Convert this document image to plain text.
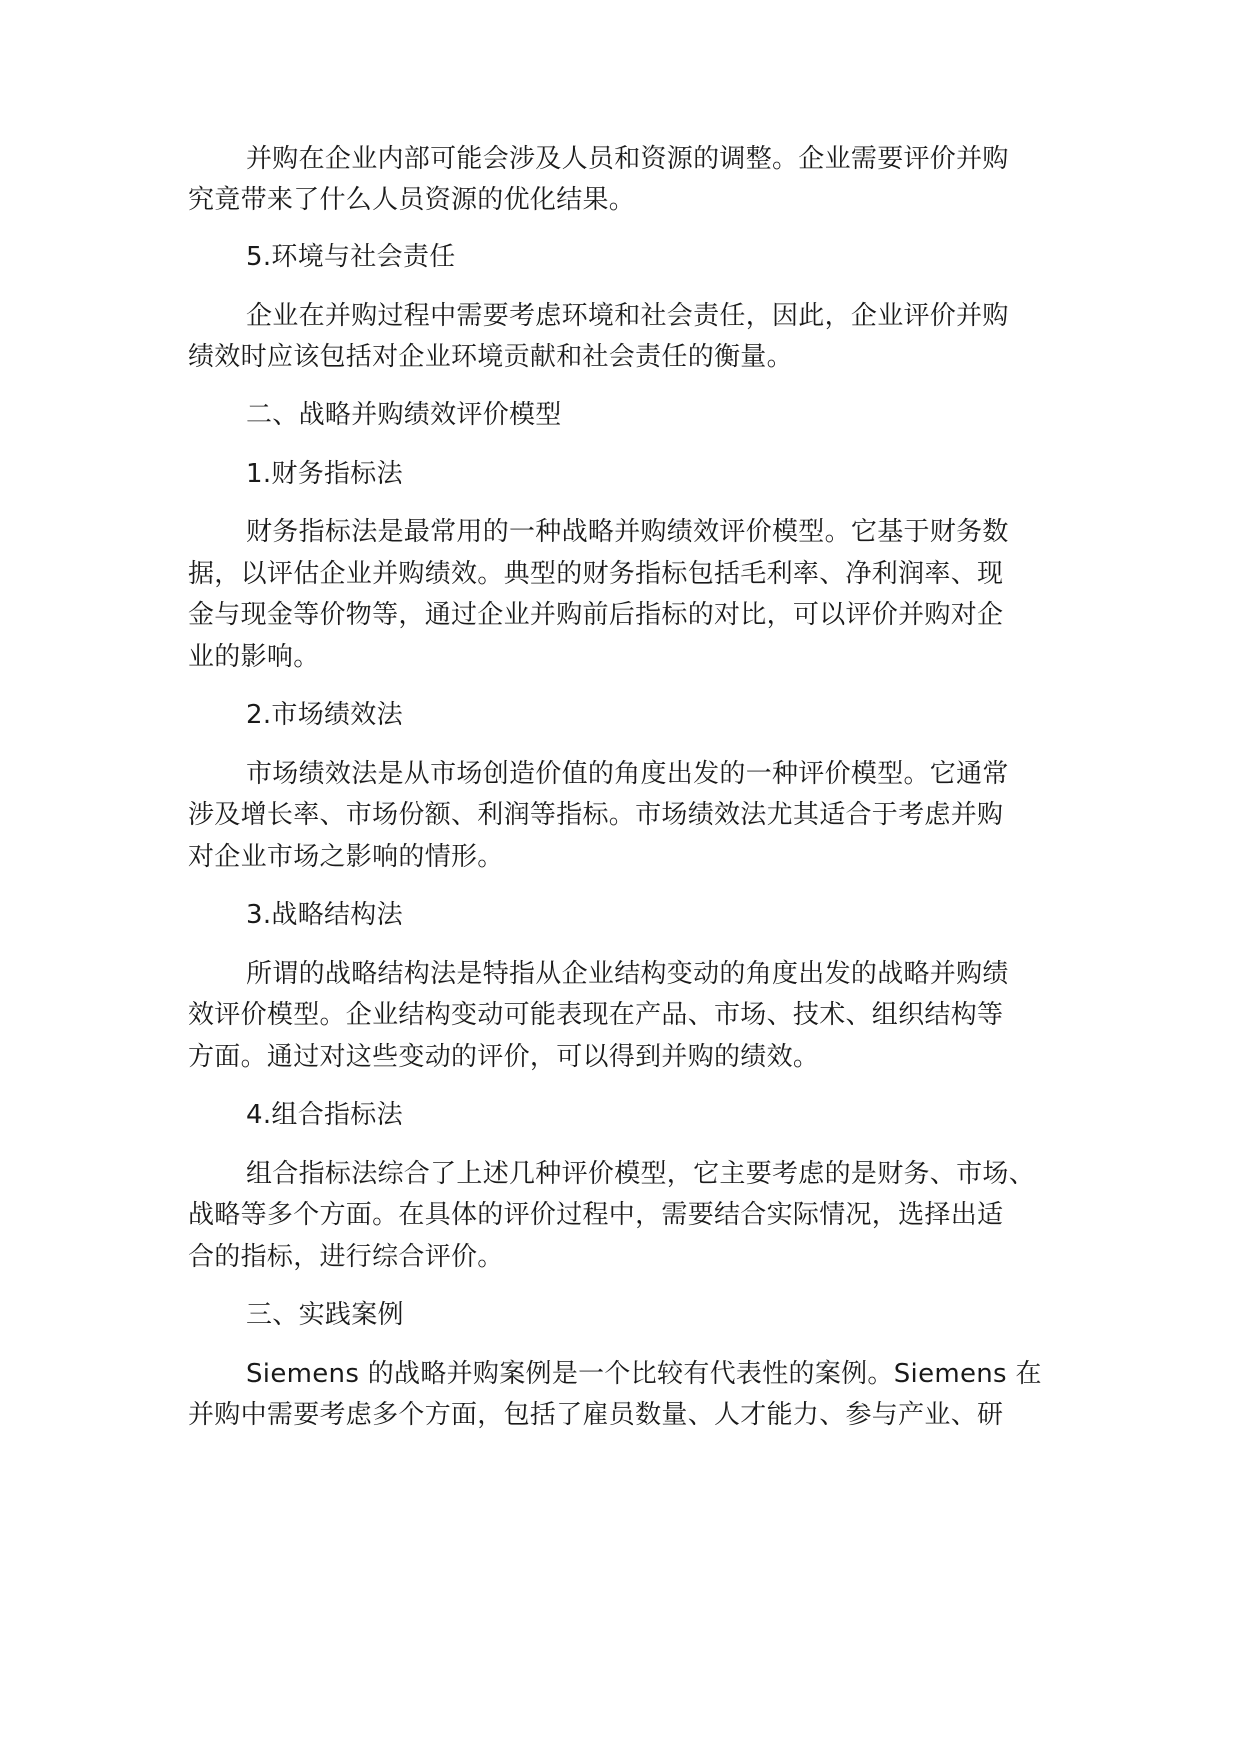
并购在企业内部可能会涉及人员和资源的调整。企业需要评价并购
究竟带来了什么人员资源的优化结果。
5.环境与社会责任
企业在并购过程中需要考虑环境和社会责任，因此，企业评价并购
绩效时应该包括对企业环境贡献和社会责任的衡量。
二、战略并购绩效评价模型
1.财务指标法
财务指标法是最常用的一种战略并购绩效评价模型。它基于财务数
据，以评估企业并购绩效。典型的财务指标包括毛利率、净利润率、现
金与现金等价物等，通过企业并购前后指标的对比，可以评价并购对企
业的影响。
2.市场绩效法
市场绩效法是从市场创造价值的角度出发的一种评价模型。它通常
涉及增长率、市场份额、利润等指标。市场绩效法尤其适合于考虑并购
对企业市场之影响的情形。
3.战略结构法
所谓的战略结构法是特指从企业结构变动的角度出发的战略并购绩
效评价模型。企业结构变动可能表现在产品、市场、技术、组织结构等
方面。通过对这些变动的评价，可以得到并购的绩效。
4.组合指标法
组合指标法综合了上述几种评价模型，它主要考虑的是财务、市场、
战略等多个方面。在具体的评价过程中，需要结合实际情况，选择出适
合的指标，进行综合评价。
三、实践案例
Siemens 的战略并购案例是一个比较有代表性的案例。Siemens 在
并购中需要考虑多个方面，包括了雇员数量、人才能力、参与产业、研
